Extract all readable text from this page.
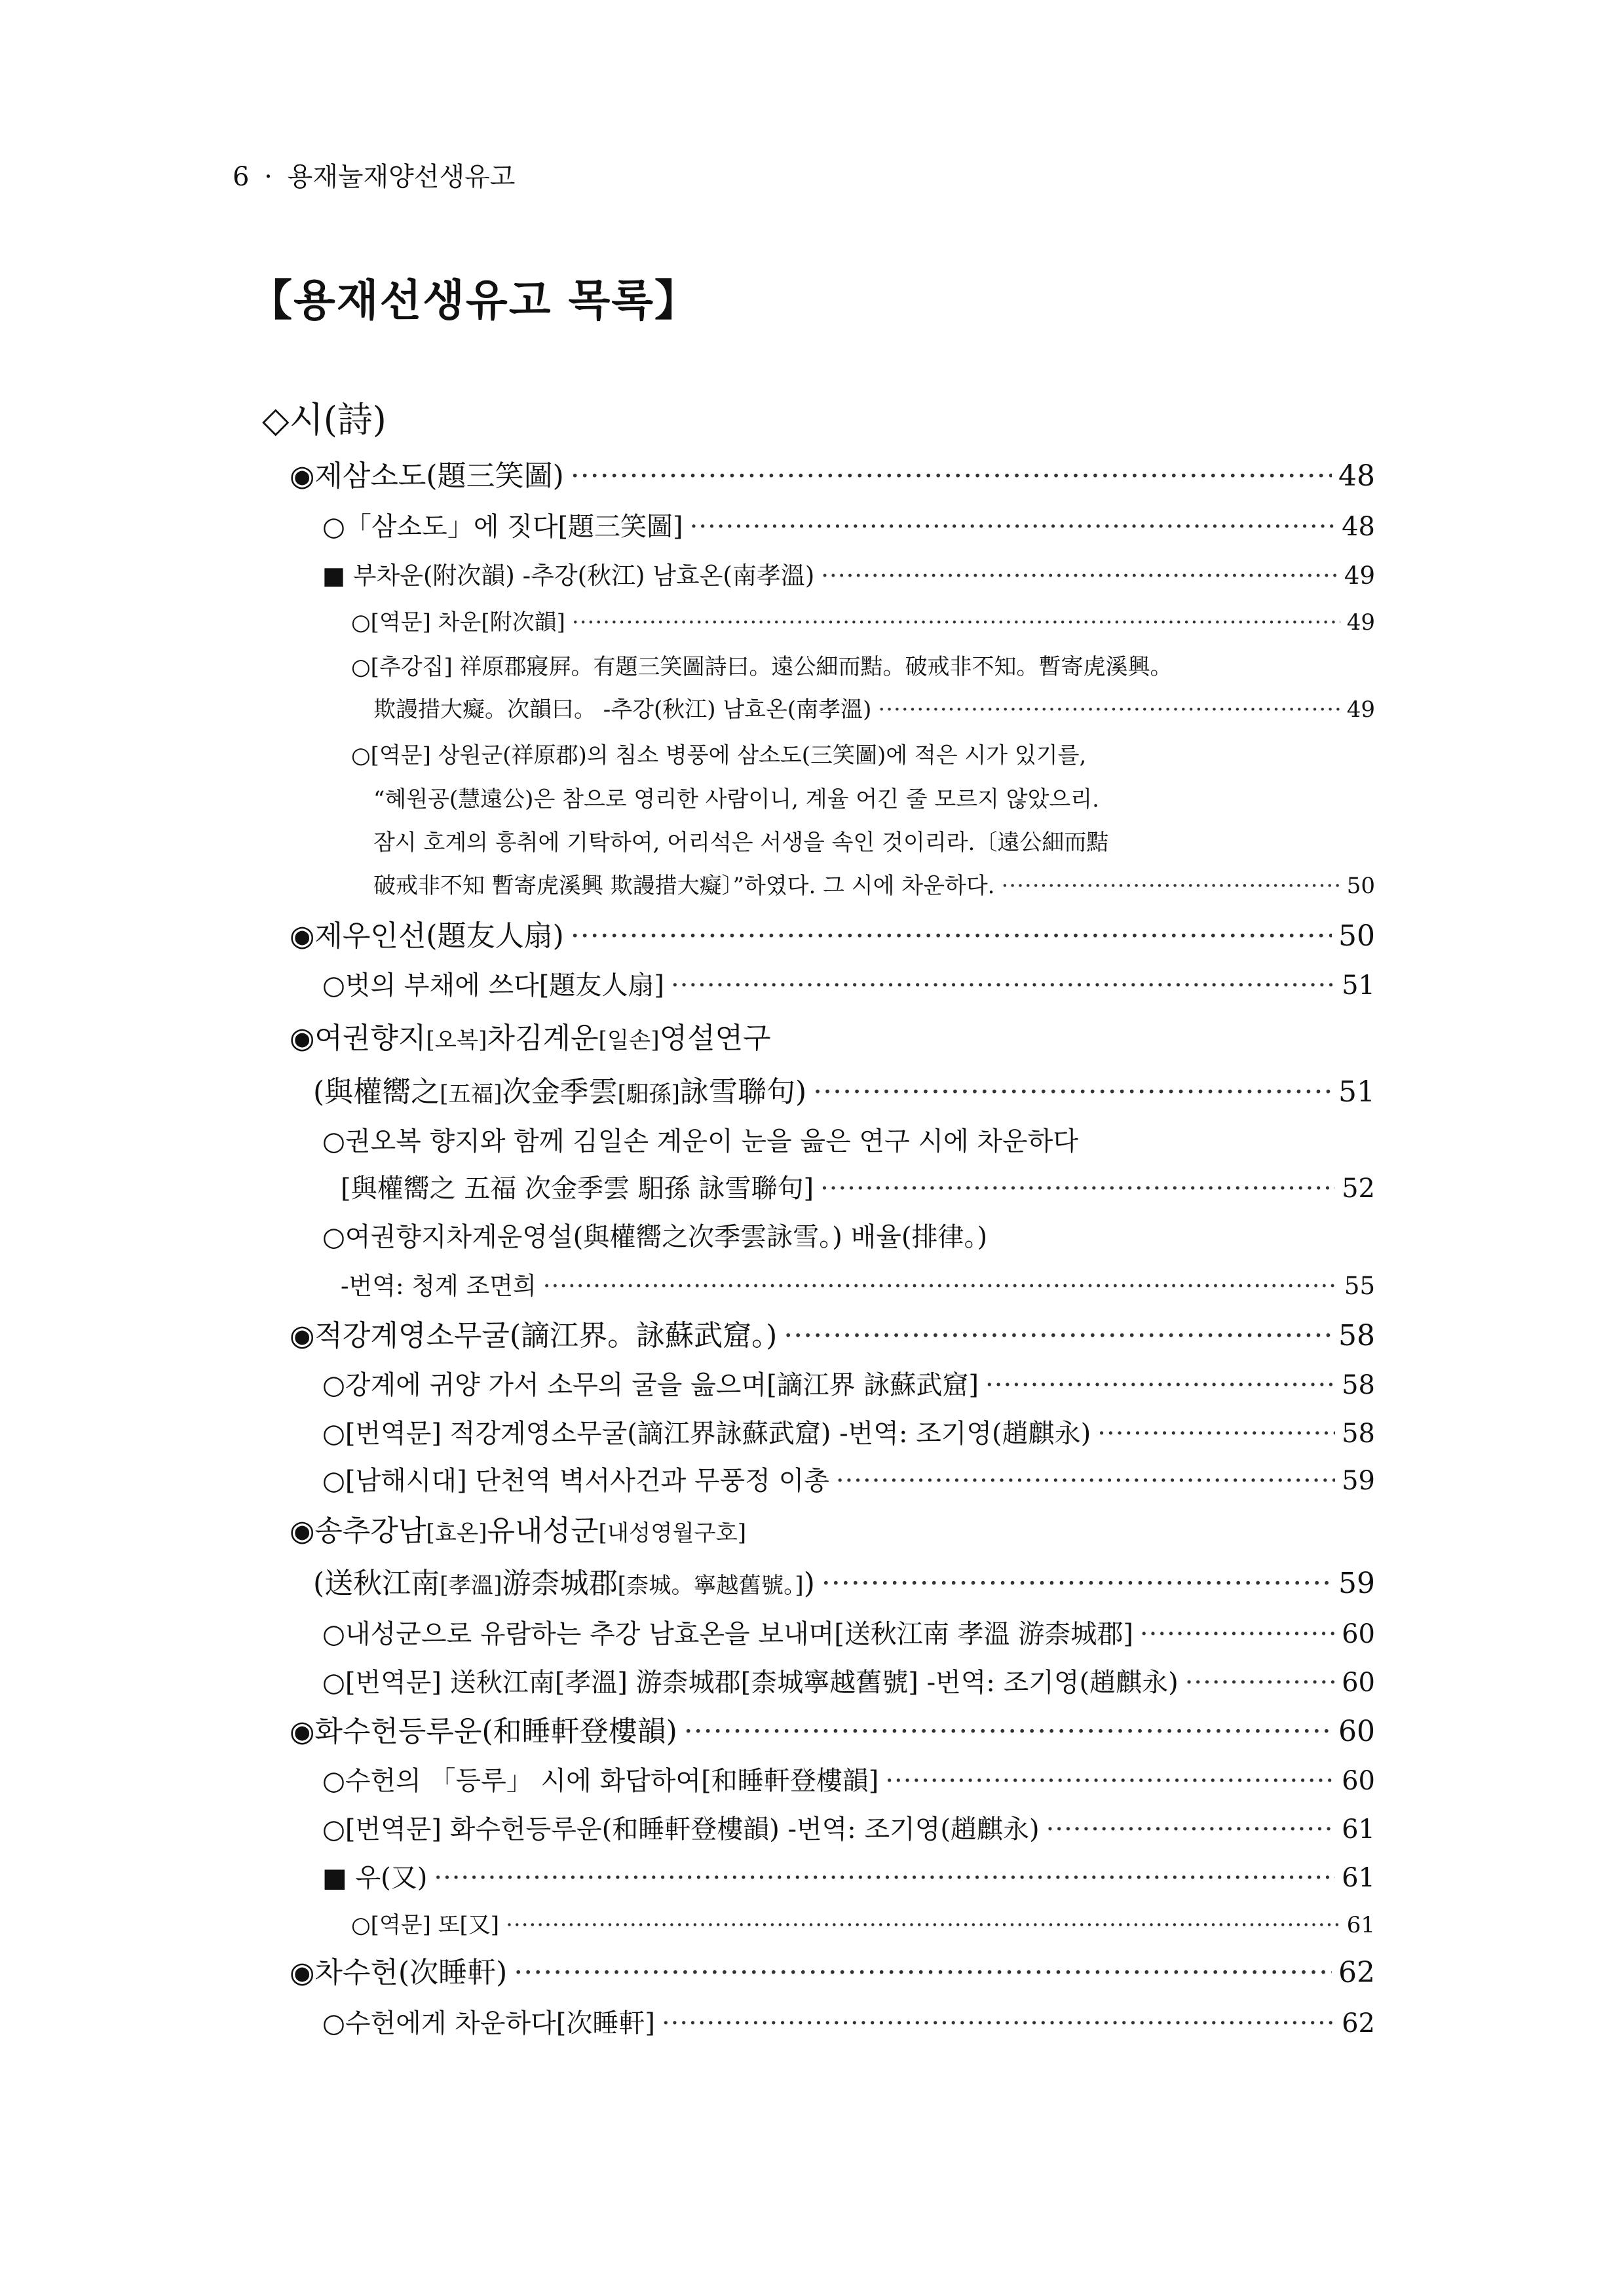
6 · 용재눌재양선생유고
【용재선생유고 목록】
◇시(詩)
◉제삼소도(題三笑圖) ·····	48
○「삼소도」에 짓다[題三笑圖] ·····	48
■ 부차운(附次韻) -추강(秋江) 남효온(南孝溫) ·····	49
○[역문] 차운[附次韻] ·····	49
○[추강집] 祥原郡寢屛。有題三笑圖詩曰。遠公細而黠。破戒非不知。暫寄虎溪興。
欺謾措大癡。次韻曰。 -추강(秋江) 남효온(南孝溫) ·····	49
○[역문] 상원군(祥原郡)의 침소 병풍에 삼소도(三笑圖)에 적은 시가 있기를,
“혜원공(慧遠公)은 참으로 영리한 사람이니, 계율 어긴 줄 모르지 않았으리.
잠시 호계의 흥취에 기탁하여, 어리석은 서생을 속인 것이리라.〔遠公細而黠
破戒非不知 暫寄虎溪興 欺謾措大癡〕”하였다. 그 시에 차운하다. ·····	50
◉제우인선(題友人扇) ·····	50
○벗의 부채에 쓰다[題友人扇] ·····	51
◉여권향지[오복]차김계운[일손]영설연구
(與權嚮之[五福]次金季雲[馹孫]詠雪聯句) ·····	51
○권오복 향지와 함께 김일손 계운이 눈을 읊은 연구 시에 차운하다
[與權嚮之 五福 次金季雲 馹孫 詠雪聯句] ·····	52
○여권향지차계운영설(與權嚮之次季雲詠雪。) 배율(排律。)
-번역: 청계 조면희 ·····	55
◉적강계영소무굴(謫江界。詠蘇武窟。) ·····	58
○강계에 귀양 가서 소무의 굴을 읊으며[謫江界 詠蘇武窟] ·····	58
○[번역문] 적강계영소무굴(謫江界詠蘇武窟) -번역: 조기영(趙麒永) ·····	58
○[남해시대] 단천역 벽서사건과 무풍정 이총 ·····	59
◉송추강남[효온]유내성군[내성영월구호]
(送秋江南[孝溫]游柰城郡[柰城。寧越舊號。]) ·····	59
○내성군으로 유람하는 추강 남효온을 보내며[送秋江南 孝溫 游柰城郡] ·····	60
○[번역문] 送秋江南[孝溫] 游柰城郡[柰城寧越舊號] -번역: 조기영(趙麒永) ·····	60
◉화수헌등루운(和睡軒登樓韻) ·····	60
○수헌의 「등루」 시에 화답하여[和睡軒登樓韻] ·····	60
○[번역문] 화수헌등루운(和睡軒登樓韻) -번역: 조기영(趙麒永) ·····	61
■ 우(又) ·····	61
○[역문] 또[又] ·····	61
◉차수헌(次睡軒) ·····	62
○수헌에게 차운하다[次睡軒] ·····	62
